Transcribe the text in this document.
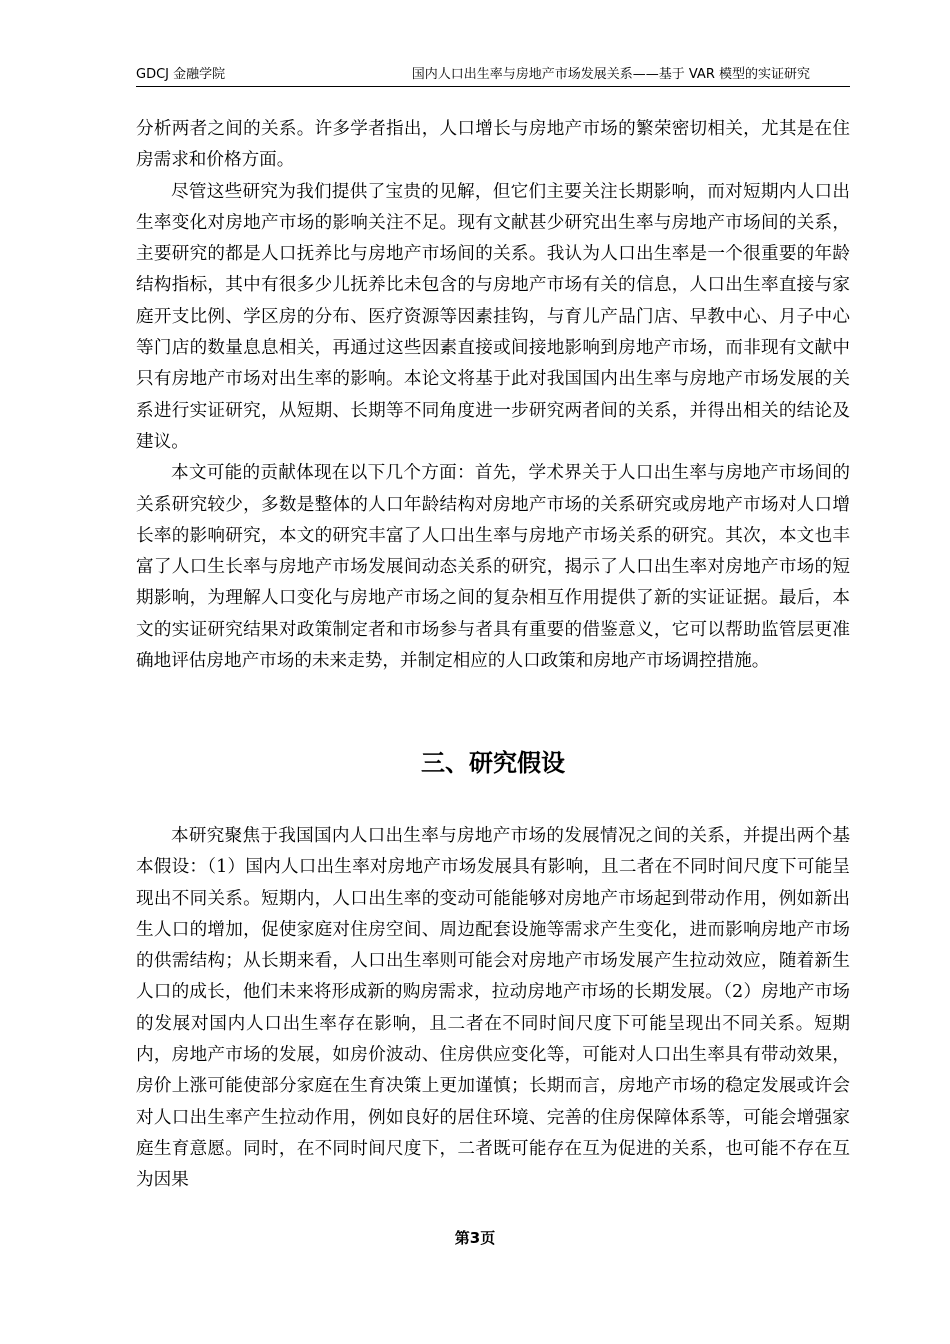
GDCJ 金融学院	国内人口出生率与房地产市场发展关系——基于 VAR 模型的实证研究

分析两者之间的关系。许多学者指出，人口增长与房地产市场的繁荣密切相关，尤其是在住房需求和价格方面。

尽管这些研究为我们提供了宝贵的见解，但它们主要关注长期影响，而对短期内人口出生率变化对房地产市场的影响关注不足。现有文献甚少研究出生率与房地产市场间的关系，主要研究的都是人口抚养比与房地产市场间的关系。我认为人口出生率是一个很重要的年龄结构指标，其中有很多少儿抚养比未包含的与房地产市场有关的信息，人口出生率直接与家庭开支比例、学区房的分布、医疗资源等因素挂钩，与育儿产品门店、早教中心、月子中心等门店的数量息息相关，再通过这些因素直接或间接地影响到房地产市场，而非现有文献中只有房地产市场对出生率的影响。本论文将基于此对我国国内出生率与房地产市场发展的关系进行实证研究，从短期、长期等不同角度进一步研究两者间的关系，并得出相关的结论及建议。

本文可能的贡献体现在以下几个方面：首先，学术界关于人口出生率与房地产市场间的关系研究较少，多数是整体的人口年龄结构对房地产市场的关系研究或房地产市场对人口增长率的影响研究，本文的研究丰富了人口出生率与房地产市场关系的研究。其次，本文也丰富了人口生长率与房地产市场发展间动态关系的研究，揭示了人口出生率对房地产市场的短期影响，为理解人口变化与房地产市场之间的复杂相互作用提供了新的实证证据。最后，本文的实证研究结果对政策制定者和市场参与者具有重要的借鉴意义，它可以帮助监管层更准确地评估房地产市场的未来走势，并制定相应的人口政策和房地产市场调控措施。

三、研究假设

本研究聚焦于我国国内人口出生率与房地产市场的发展情况之间的关系，并提出两个基本假设：（1）国内人口出生率对房地产市场发展具有影响，且二者在不同时间尺度下可能呈现出不同关系。短期内，人口出生率的变动可能能够对房地产市场起到带动作用，例如新出生人口的增加，促使家庭对住房空间、周边配套设施等需求产生变化，进而影响房地产市场的供需结构；从长期来看，人口出生率则可能会对房地产市场发展产生拉动效应，随着新生人口的成长，他们未来将形成新的购房需求，拉动房地产市场的长期发展。（2）房地产市场的发展对国内人口出生率存在影响，且二者在不同时间尺度下可能呈现出不同关系。短期内，房地产市场的发展，如房价波动、住房供应变化等，可能对人口出生率具有带动效果，房价上涨可能使部分家庭在生育决策上更加谨慎；长期而言，房地产市场的稳定发展或许会对人口出生率产生拉动作用，例如良好的居住环境、完善的住房保障体系等，可能会增强家庭生育意愿。同时，在不同时间尺度下，二者既可能存在互为促进的关系，也可能不存在互为因果

第3页
